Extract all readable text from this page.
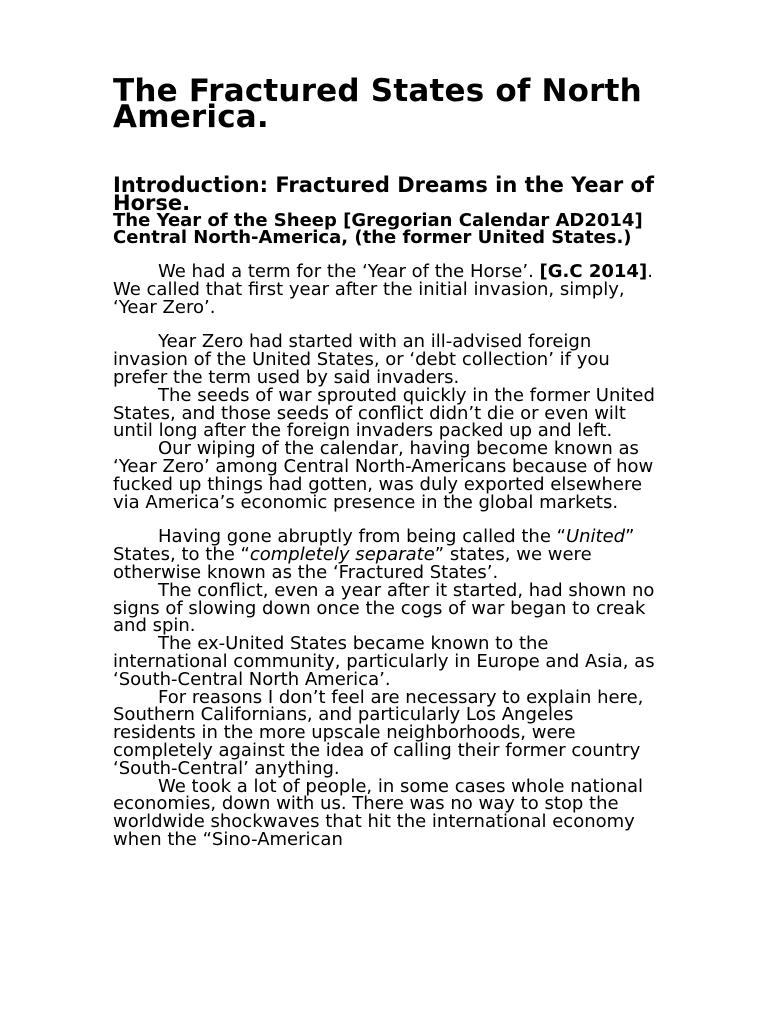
The Fractured States of North America.
Introduction: Fractured Dreams in the Year of Horse.
The Year of the Sheep [Gregorian Calendar AD2014]
Central North-America, (the former United States.)

We had a term for the ‘Year of the Horse’. [G.C 2014]. We called that first year after the initial invasion, simply, ‘Year Zero’.

Year Zero had started with an ill-advised foreign invasion of the United States, or ‘debt collection’ if you prefer the term used by said invaders.

The seeds of war sprouted quickly in the former United States, and those seeds of conflict didn’t die or even wilt until long after the foreign invaders packed up and left.

Our wiping of the calendar, having become known as ‘Year Zero’ among Central North-Americans because of how fucked up things had gotten, was duly exported elsewhere via America’s economic presence in the global markets.

Having gone abruptly from being called the “United” States, to the “completely separate” states, we were otherwise known as the ‘Fractured States’.

The conflict, even a year after it started, had shown no signs of slowing down once the cogs of war began to creak and spin.

The ex-United States became known to the international community, particularly in Europe and Asia, as ‘South-Central North America’.

For reasons I don’t feel are necessary to explain here, Southern Californians, and particularly Los Angeles residents in the more upscale neighborhoods, were completely against the idea of calling their former country ‘South-Central’ anything.

We took a lot of people, in some cases whole national economies, down with us. There was no way to stop the worldwide shockwaves that hit the international economy when the “Sino-American
